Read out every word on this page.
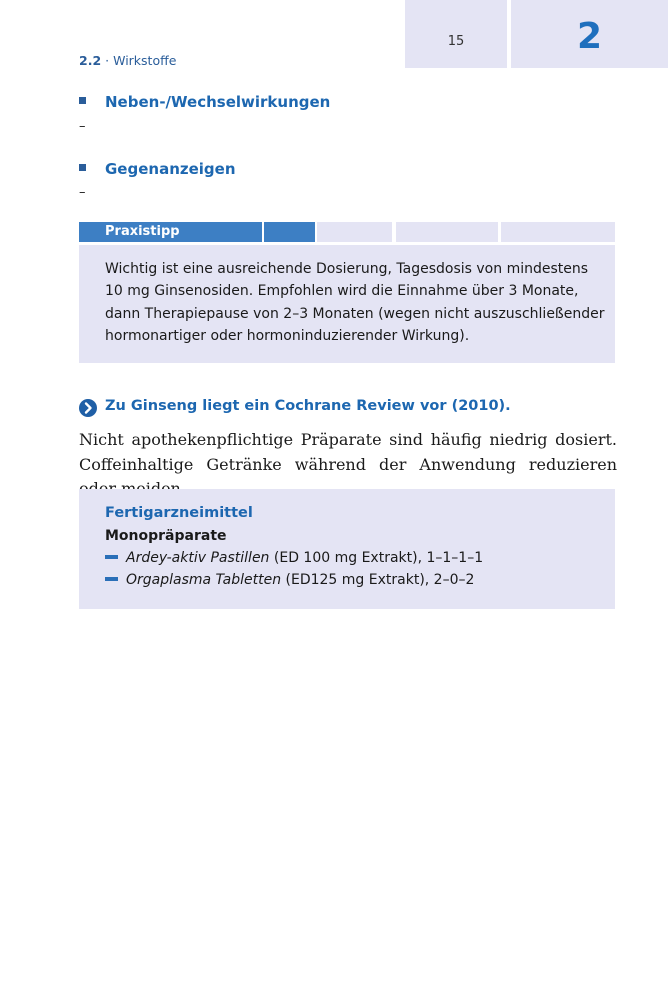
15	2
2.2 · Wirkstoffe
Neben-/Wechselwirkungen
–
Gegenanzeigen
–
Praxistipp
Wichtig ist eine ausreichende Dosierung, Tagesdosis von mindestens 10 mg Ginsenosiden. Empfohlen wird die Einnahme über 3 Monate, dann Therapiepause von 2–3 Monaten (wegen nicht auszuschließender hormonartiger oder hormoninduzierender Wirkung).
Zu Ginseng liegt ein Cochrane Review vor (2010).
Nicht apothekenpflichtige Präparate sind häufig niedrig dosiert. Coffeinhaltige Getränke während der Anwendung reduzieren
Fertigarzneimittel
Monopräparate
Ardey-aktiv Pastillen (ED 100 mg Extrakt), 1–1–1–1
Orgaplasma Tabletten (ED125 mg Extrakt), 2–0–2
